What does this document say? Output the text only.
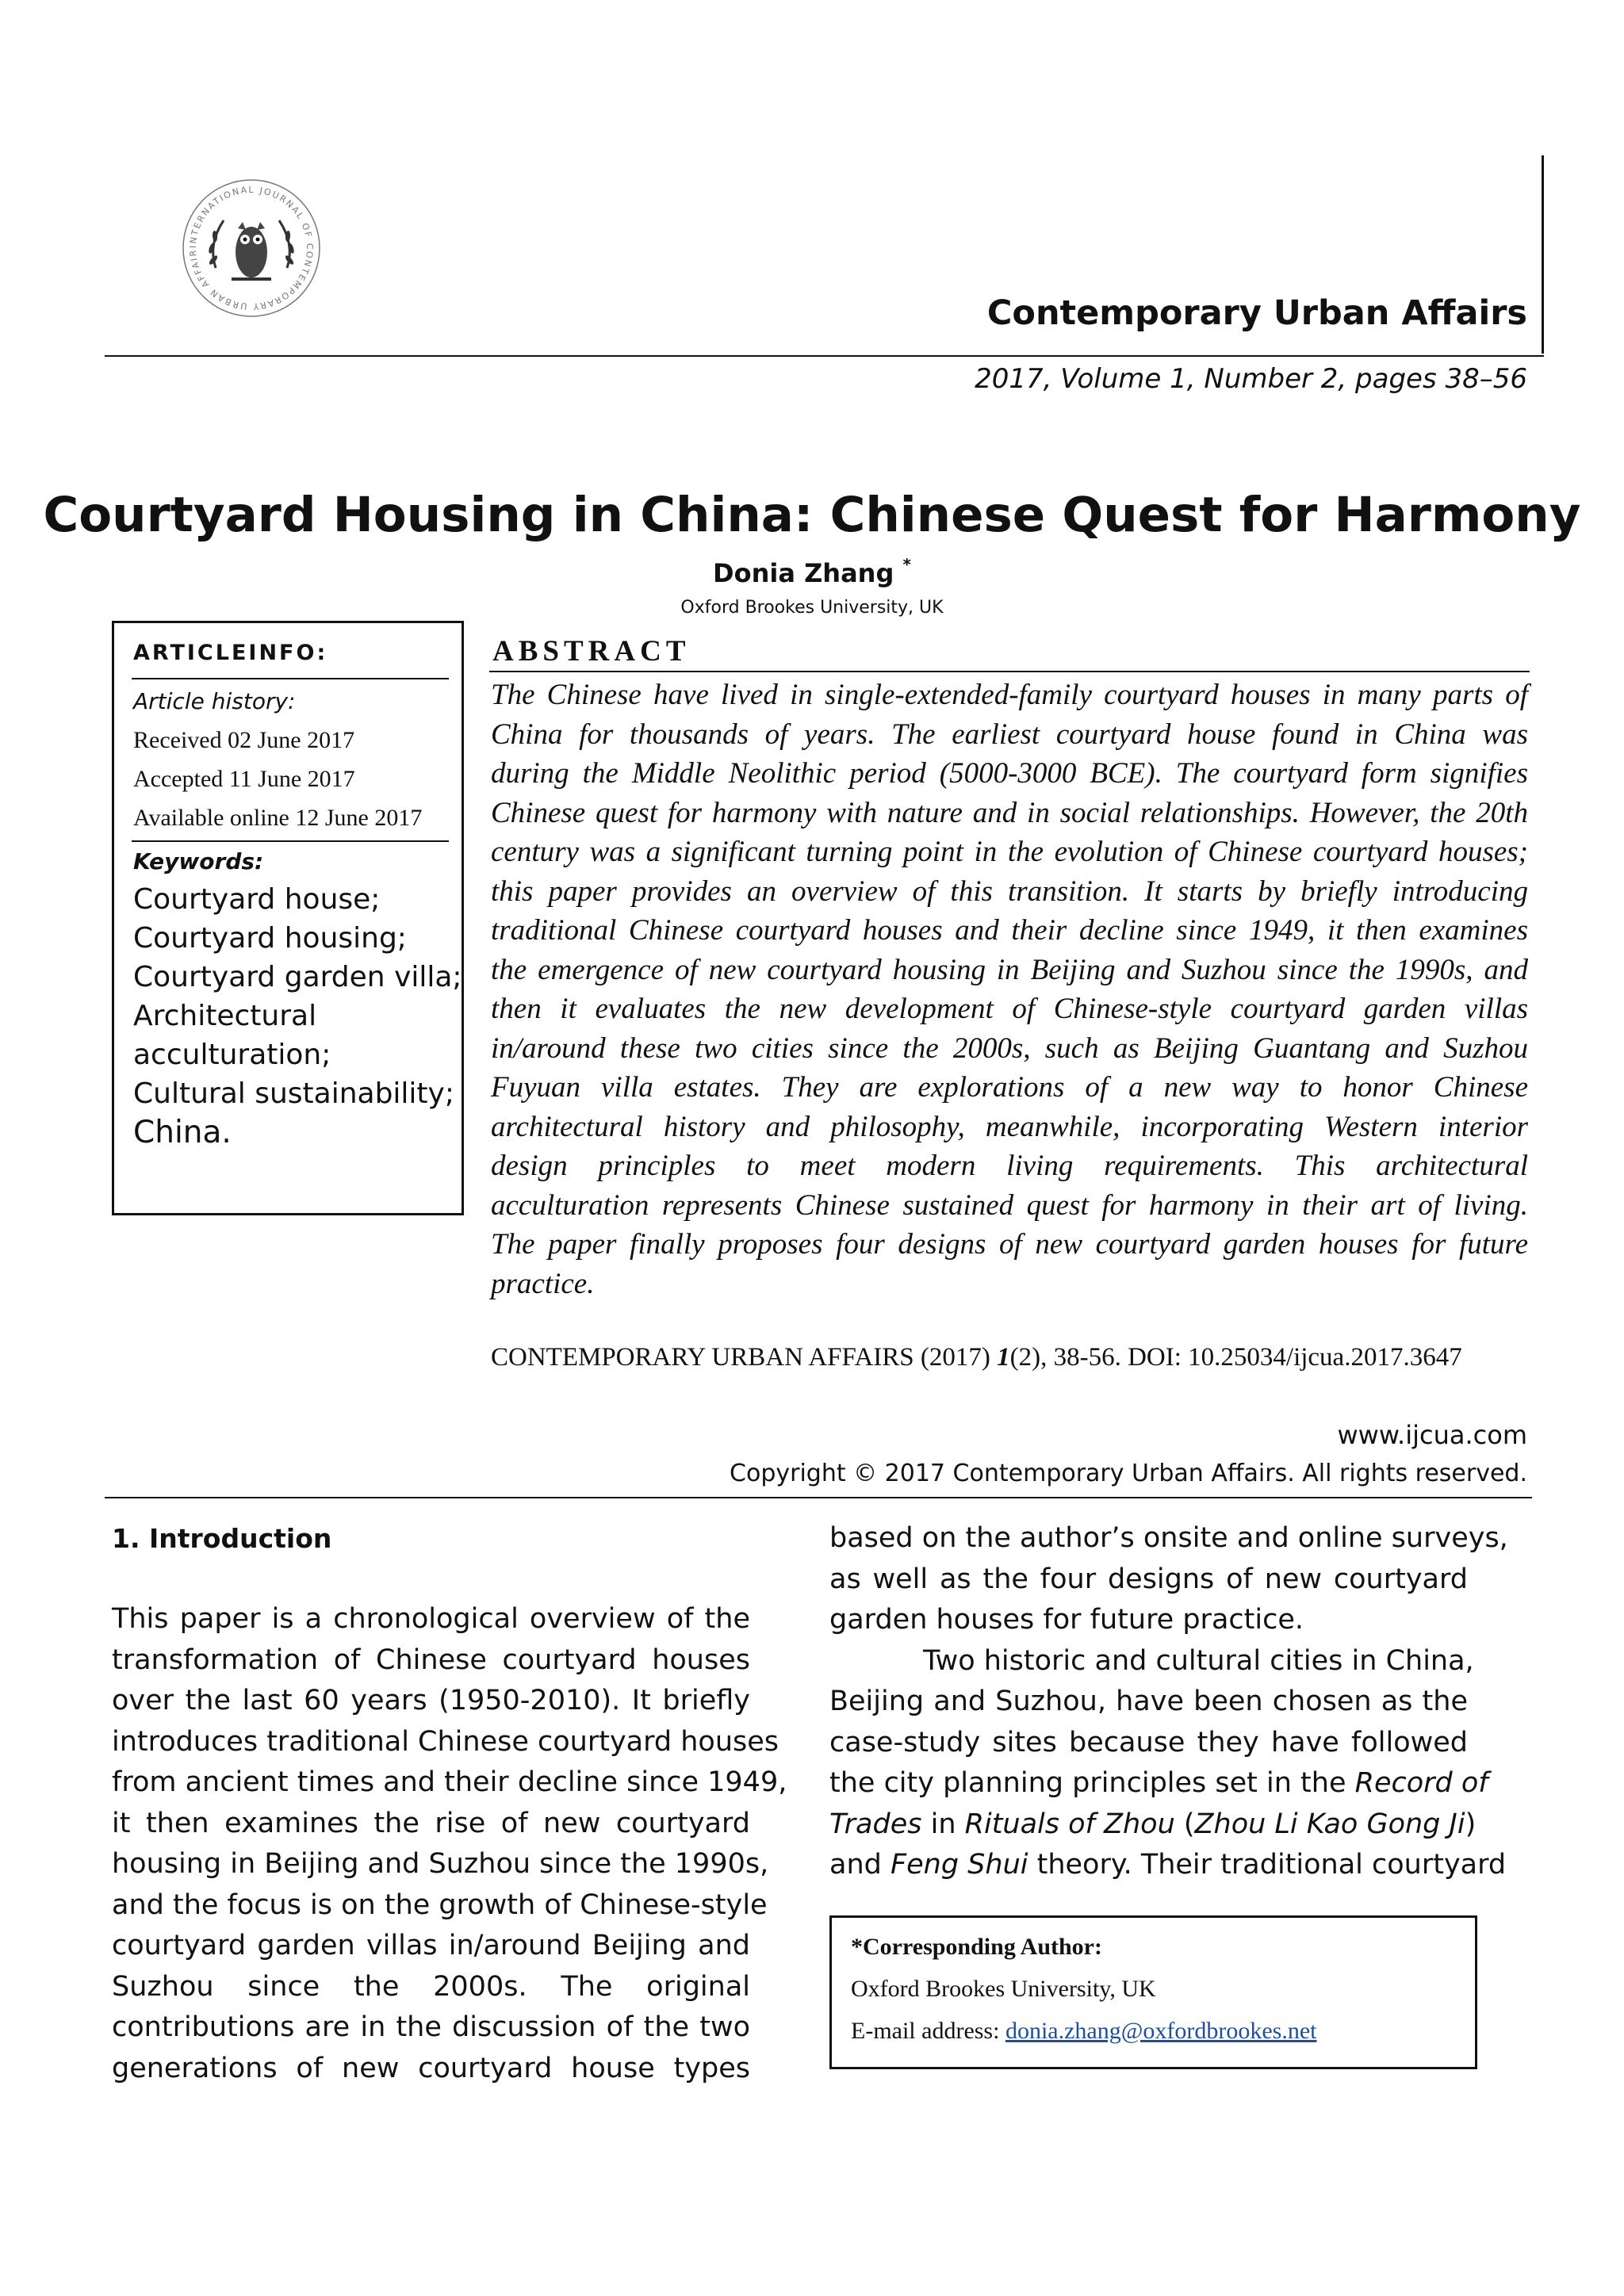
INTERNATIONAL JOURNAL OF CONTEMPORARY URBAN AFFAIR
Contemporary Urban Affairs
2017, Volume 1, Number 2, pages 38–56
Courtyard Housing in China: Chinese Quest for Harmony
Donia Zhang *
Oxford Brookes University, UK
ARTICLEINFO:
Article history:
Received 02 June 2017
Accepted 11 June 2017
Available online 12 June 2017
Keywords:
Courtyard house;
Courtyard housing;
Courtyard garden villa;
Architectural
acculturation;
Cultural sustainability;
China.
ABSTRACT
The Chinese have lived in single-extended-family courtyard houses in many parts of
China for thousands of years. The earliest courtyard house found in China was
during the Middle Neolithic period (5000-3000 BCE). The courtyard form signifies
Chinese quest for harmony with nature and in social relationships. However, the 20th
century was a significant turning point in the evolution of Chinese courtyard houses;
this paper provides an overview of this transition. It starts by briefly introducing
traditional Chinese courtyard houses and their decline since 1949, it then examines
the emergence of new courtyard housing in Beijing and Suzhou since the 1990s, and
then it evaluates the new development of Chinese-style courtyard garden villas
in/around these two cities since the 2000s, such as Beijing Guantang and Suzhou
Fuyuan villa estates. They are explorations of a new way to honor Chinese
architectural history and philosophy, meanwhile, incorporating Western interior
design principles to meet modern living requirements. This architectural
acculturation represents Chinese sustained quest for harmony in their art of living.
The paper finally proposes four designs of new courtyard garden houses for future
practice.
CONTEMPORARY URBAN AFFAIRS (2017) 1(2), 38-56. DOI: 10.25034/ijcua.2017.3647
www.ijcua.com
Copyright © 2017 Contemporary Urban Affairs. All rights reserved.
1. Introduction
This paper is a chronological overview of the
transformation of Chinese courtyard houses
over the last 60 years (1950-2010). It briefly
introduces traditional Chinese courtyard houses
from ancient times and their decline since 1949,
it then examines the rise of new courtyard
housing in Beijing and Suzhou since the 1990s,
and the focus is on the growth of Chinese-style
courtyard garden villas in/around Beijing and
Suzhou since the 2000s. The original
contributions are in the discussion of the two
generations of new courtyard house types
based on the author’s onsite and online surveys,
as well as the four designs of new courtyard
garden houses for future practice.
Two historic and cultural cities in China,
Beijing and Suzhou, have been chosen as the
case-study sites because they have followed
the city planning principles set in the Record of
Trades in Rituals of Zhou (Zhou Li Kao Gong Ji)
and Feng Shui theory. Their traditional courtyard
*Corresponding Author:
Oxford Brookes University, UK
E-mail address: donia.zhang@oxfordbrookes.net
